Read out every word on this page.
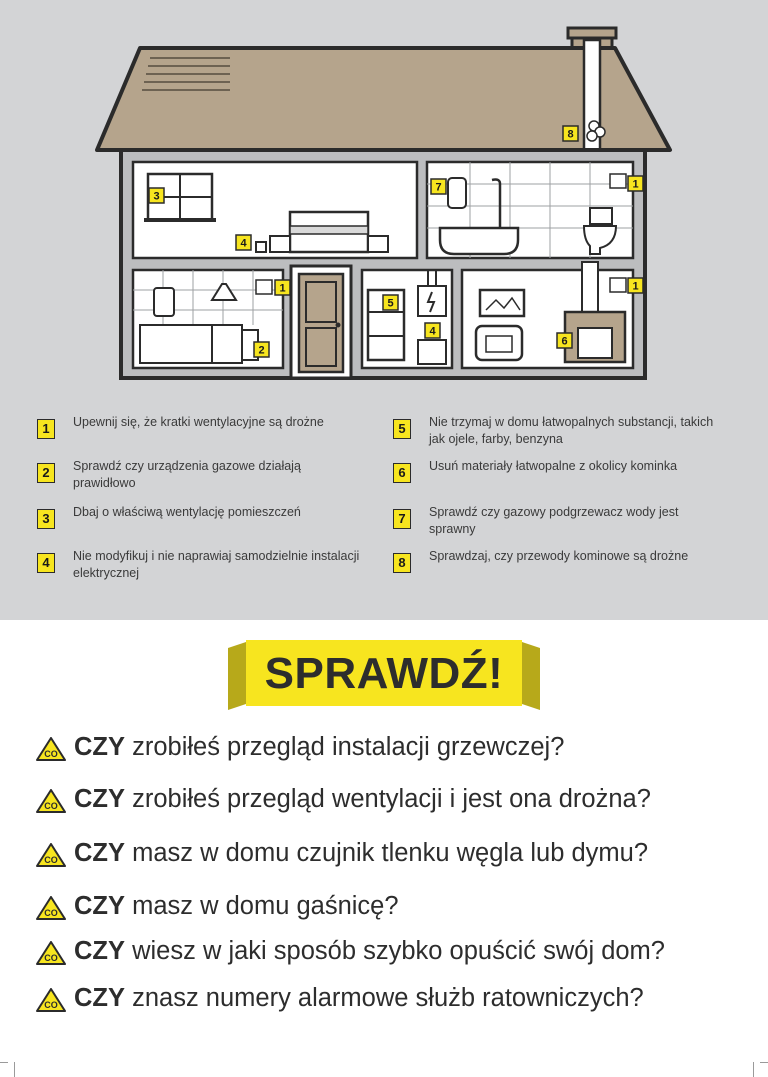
1
1	1
2
3
4
4
5
6
7
8
1	Upewnij się, że kratki wentylacyjne są drożne
2	Sprawdź czy urządzenia gazowe działają prawidłowo
3	Dbaj o właściwą wentylację pomieszczeń
4	Nie modyfikuj i nie naprawiaj samodzielnie instalacji elektrycznej
5	Nie trzymaj w domu łatwopalnych substancji, takich jak ojele, farby, benzyna
6	Usuń materiały łatwopalne z okolicy kominka
7	Sprawdź czy gazowy podgrzewacz wody jest sprawny
8	Sprawdzaj, czy przewody kominowe są drożne
SPRAWDŹ!
CO CZY zrobiłeś przegląd instalacji grzewczej?
CO CZY zrobiłeś przegląd wentylacji i jest ona drożna?
CO CZY masz w domu czujnik tlenku węgla lub dymu?
CO CZY masz w domu gaśnicę?
CO CZY wiesz w jaki sposób szybko opuścić swój dom?
CO CZY znasz numery alarmowe służb ratowniczych?
